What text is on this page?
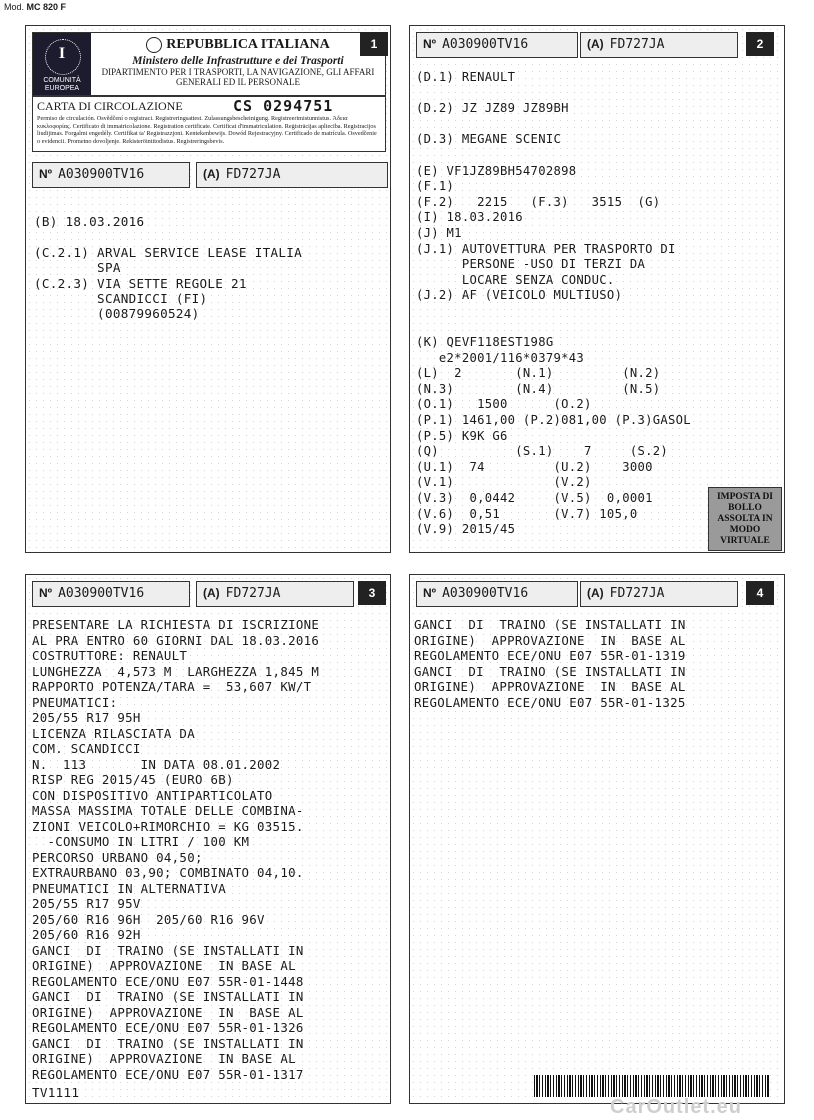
Mod. MC 820 F
I
COMUNITÀ EUROPEA
REPUBBLICA ITALIANA
Ministero delle Infrastrutture e dei Trasporti
DIPARTIMENTO PER I TRASPORTI, LA NAVIGAZIONE, GLI AFFARI GENERALI ED IL PERSONALE
CARTA DI CIRCOLAZIONE	CS 0294751
Permiso de circulación. Osvědčení o registraci. Registreringsattest. Zulassungsbescheinigung. Registreerimistunnistus. Άδεια κυκλοφορίας. Certificato di immatricolazione. Registration certificate. Certificat d'immatriculation. Reģistrācijas apliecība. Registracijos liudijimas. Forgalmi engedély. Certifikat ta' Registrazzjoni. Kentekenbewijs. Dowód Rejestracyjny. Certificado de matrícula. Osvedčenie o evidencii. Prometno dovoljenje. Rekisteröintitodistus. Registreringsbevis.
Nº A030900TV16	(A) FD727JA
(B) 18.03.2016
(C.2.1) ARVAL SERVICE LEASE ITALIA
SPA
(C.2.3) VIA SETTE REGOLE 21
SCANDICCI (FI)
(00879960524)
1	Nº A030900TV16	(A) FD727JA	2
(D.1) RENAULT
(D.2) JZ JZ89 JZ89BH
(D.3) MEGANE SCENIC
(E) VF1JZ89BH54702898
(F.1)
(F.2)   2215   (F.3)   3515  (G)
(I) 18.03.2016
(J) M1
(J.1) AUTOVETTURA PER TRASPORTO DI
PERSONE -USO DI TERZI DA
LOCARE SENZA CONDUC.
(J.2) AF (VEICOLO MULTIUSO)
(K) QEVF118EST198G
e2*2001/116*0379*43
(L)  2       (N.1)         (N.2)
(N.3)        (N.4)         (N.5)
(O.1)   1500      (O.2)
(P.1) 1461,00 (P.2)081,00 (P.3)GASOL
(P.5) K9K G6
(Q)          (S.1)    7     (S.2)
(U.1)  74         (U.2)    3000
(V.1)             (V.2)
(V.3)  0,0442     (V.5)  0,0001
(V.6)  0,51       (V.7) 105,0
(V.9) 2015/45
IMPOSTA DI BOLLO ASSOLTA IN MODO VIRTUALE
Nº A030900TV16	(A) FD727JA	3
PRESENTARE LA RICHIESTA DI ISCRIZIONE
AL PRA ENTRO 60 GIORNI DAL 18.03.2016
COSTRUTTORE: RENAULT
LUNGHEZZA  4,573 M  LARGHEZZA 1,845 M
RAPPORTO POTENZA/TARA =  53,607 KW/T
PNEUMATICI:
205/55 R17 95H
LICENZA RILASCIATA DA
COM. SCANDICCI
N.  113       IN DATA 08.01.2002
RISP REG 2015/45 (EURO 6B)
CON DISPOSITIVO ANTIPARTICOLATO
MASSA MASSIMA TOTALE DELLE COMBINA-
ZIONI VEICOLO+RIMORCHIO = KG 03515.
-CONSUMO IN LITRI / 100 KM
PERCORSO URBANO 04,50;
EXTRAURBANO 03,90; COMBINATO 04,10.
PNEUMATICI IN ALTERNATIVA
205/55 R17 95V
205/60 R16 96H  205/60 R16 96V
205/60 R16 92H
GANCI  DI  TRAINO (SE INSTALLATI IN
ORIGINE)  APPROVAZIONE  IN BASE AL
REGOLAMENTO ECE/ONU E07 55R-01-1448
GANCI  DI  TRAINO (SE INSTALLATI IN
ORIGINE)  APPROVAZIONE  IN  BASE AL
REGOLAMENTO ECE/ONU E07 55R-01-1326
GANCI  DI  TRAINO (SE INSTALLATI IN
ORIGINE)  APPROVAZIONE  IN BASE AL
REGOLAMENTO ECE/ONU E07 55R-01-1317
TV1111
Nº A030900TV16	(A) FD727JA	4
GANCI  DI  TRAINO (SE INSTALLATI IN
ORIGINE)  APPROVAZIONE  IN  BASE AL
REGOLAMENTO ECE/ONU E07 55R-01-1319
GANCI  DI  TRAINO (SE INSTALLATI IN
ORIGINE)  APPROVAZIONE  IN  BASE AL
REGOLAMENTO ECE/ONU E07 55R-01-1325
CarOutlet.eu
